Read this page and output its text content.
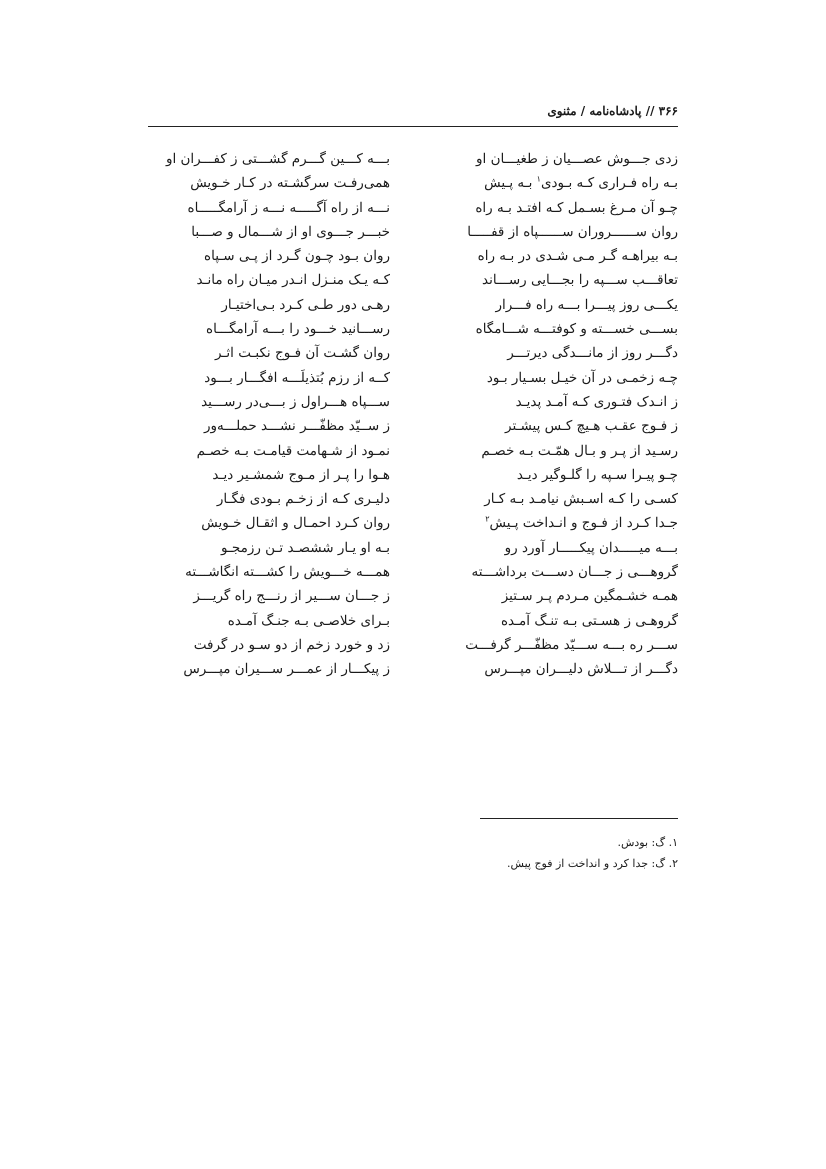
۳۶۶ // پادشاه‌نامه / مثنوی
زدی جـــوش عصـــیان ز طغیـــان او
بـــه کـــین گـــرم گشـــتی ز کفـــران او
بـه راه فـراری کـه بـودی$^۱$ بـه پـیش
همی‌رفـت سرگشـته در کـار خـویش
چـو آن مـرغ بسـمل کـه افتـد بـه راه
نـــه از راه آگـــــه نـــه ز آرامگـــــاه
روان ســــــروران ســــــپاه از قفـــــا
خبـــر جـــوی او از شـــمال و صـــبا
بـه بیراهـه گـر مـی شـدی در بـه راه
روان بـود چـون گـرد از پـی سـپاه
تعاقـــب ســـپه را بجـــایی رســـاند
کـه یـک منـزل انـدر میـان راه مانـد
یکـــی روز پیـــرا بـــه راه فـــرار
رهـی دور طـی کـرد بـی‌اختیـار
بســـی خســـته و کوفتـــه شـــامگاه
رســـانید خـــود را بـــه آرامگـــاه
دگـــر روز از مانـــدگی دیرتـــر
روان گشـت آن فـوج نکبـت اثـر
چـه زخمـی در آن خیـل بسـیار بـود
کــه از رزم بُتذیلَـــه افگـــار بـــود
ز انـدک فتـوری کـه آمـد پدیـد
ســـپاه هـــراول ز بـــی‌در رســـید
ز فـوج عقـب هـیچ کـس پیشـتر
ز ســیّد مظفّـــر نشـــد حملـــه‌ور
رسـید از پـر و بـال همّـت بـه خصـم
نمـود از شـهامت قیامـت بـه خصـم
چـو پیـرا سـپه را گلـوگیر دیـد
هـوا را پـر از مـوج شمشـیر دیـد
کسـی را کـه اسـبش نیامـد بـه کـار
دلیـری کـه از زخـم بـودی فگـار
جـدا کـرد از فـوج و انـداخت پـیش$^۲$
روان کـرد احمـال و اثقـال خـویش
بـــه میـــــدان پیکـــــار آورد رو
بـه او یـار ششصـد تـن رزمجـو
گروهـــی ز جـــان دســـت برداشـــته
همـــه خـــویش را کشـــته انگاشـــته
همـه خشـمگین مـردم پـر سـتیز
ز جـــان ســـیر از رنـــج راه گریـــز
گروهـی ز هسـتی بـه تنـگ آمـده
بـرای خلاصـی بـه جنـگ آمـده
ســـر ره بـــه ســـیّد مظفّـــر گرفـــت
زد و خورد زخم از دو سـو در گرفت
دگـــر از تـــلاش دلیـــران مپـــرس
ز پیکـــار از عمـــر ســـیران مپـــرس
۱. گ: بودش.
۲. گ: جدا کرد و انداخت از فوج پیش.
